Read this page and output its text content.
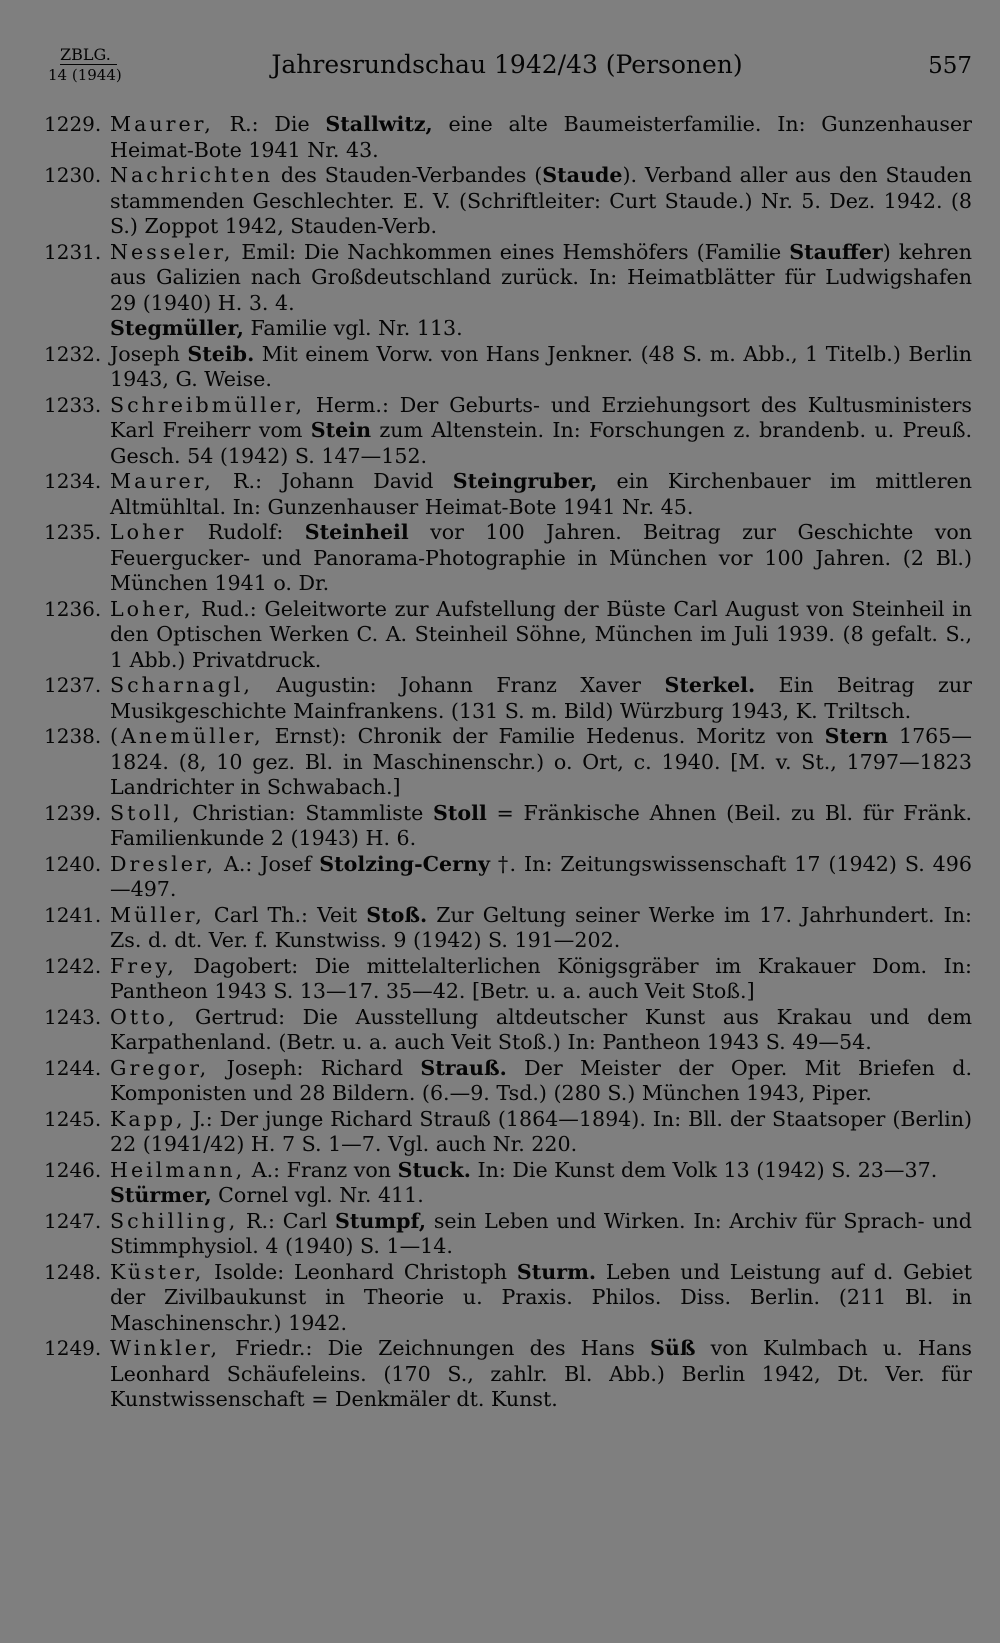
ZBLG.
14 (1944)	Jahresrundschau 1942/43 (Personen)	557
1229. Maurer, R.: Die Stallwitz, eine alte Baumeisterfamilie. In: Gunzenhauser Heimat-Bote 1941 Nr. 43.
1230. Nachrichten des Stauden-Verbandes (Staude). Verband aller aus den Stauden stammenden Geschlechter. E. V. (Schriftleiter: Curt Staude.) Nr. 5. Dez. 1942. (8 S.) Zoppot 1942, Stauden-Verb.
1231. Nesseler, Emil: Die Nachkommen eines Hemshöfers (Familie Stauffer) kehren aus Galizien nach Großdeutschland zurück. In: Heimatblätter für Ludwigshafen 29 (1940) H. 3. 4.
Stegmüller, Familie vgl. Nr. 113.
1232. Joseph Steib. Mit einem Vorw. von Hans Jenkner. (48 S. m. Abb., 1 Titelb.) Berlin 1943, G. Weise.
1233. Schreibmüller, Herm.: Der Geburts- und Erziehungsort des Kultusministers Karl Freiherr vom Stein zum Altenstein. In: Forschungen z. brandenb. u. Preuß. Gesch. 54 (1942) S. 147—152.
1234. Maurer, R.: Johann David Steingruber, ein Kirchenbauer im mittleren Altmühltal. In: Gunzenhauser Heimat-Bote 1941 Nr. 45.
1235. Loher Rudolf: Steinheil vor 100 Jahren. Beitrag zur Geschichte von Feuergucker- und Panorama-Photographie in München vor 100 Jahren. (2 Bl.) München 1941 o. Dr.
1236. Loher, Rud.: Geleitworte zur Aufstellung der Büste Carl August von Steinheil in den Optischen Werken C. A. Steinheil Söhne, München im Juli 1939. (8 gefalt. S., 1 Abb.) Privatdruck.
1237. Scharnagl, Augustin: Johann Franz Xaver Sterkel. Ein Beitrag zur Musikgeschichte Mainfrankens. (131 S. m. Bild) Würzburg 1943, K. Triltsch.
1238. (Anemüller, Ernst): Chronik der Familie Hedenus. Moritz von Stern 1765—1824. (8, 10 gez. Bl. in Maschinenschr.) o. Ort, c. 1940. [M. v. St., 1797—1823 Landrichter in Schwabach.]
1239. Stoll, Christian: Stammliste Stoll = Fränkische Ahnen (Beil. zu Bl. für Fränk. Familienkunde 2 (1943) H. 6.
1240. Dresler, A.: Josef Stolzing-Cerny †. In: Zeitungswissenschaft 17 (1942) S. 496—497.
1241. Müller, Carl Th.: Veit Stoß. Zur Geltung seiner Werke im 17. Jahrhundert. In: Zs. d. dt. Ver. f. Kunstwiss. 9 (1942) S. 191—202.
1242. Frey, Dagobert: Die mittelalterlichen Königsgräber im Krakauer Dom. In: Pantheon 1943 S. 13—17. 35—42. [Betr. u. a. auch Veit Stoß.]
1243. Otto, Gertrud: Die Ausstellung altdeutscher Kunst aus Krakau und dem Karpathenland. (Betr. u. a. auch Veit Stoß.) In: Pantheon 1943 S. 49—54.
1244. Gregor, Joseph: Richard Strauß. Der Meister der Oper. Mit Briefen d. Komponisten und 28 Bildern. (6.—9. Tsd.) (280 S.) München 1943, Piper.
1245. Kapp, J.: Der junge Richard Strauß (1864—1894). In: Bll. der Staatsoper (Berlin) 22 (1941/42) H. 7 S. 1—7. Vgl. auch Nr. 220.
1246. Heilmann, A.: Franz von Stuck. In: Die Kunst dem Volk 13 (1942) S. 23—37.
Stürmer, Cornel vgl. Nr. 411.
1247. Schilling, R.: Carl Stumpf, sein Leben und Wirken. In: Archiv für Sprach- und Stimmphysiol. 4 (1940) S. 1—14.
1248. Küster, Isolde: Leonhard Christoph Sturm. Leben und Leistung auf d. Gebiet der Zivilbaukunst in Theorie u. Praxis. Philos. Diss. Berlin. (211 Bl. in Maschinenschr.) 1942.
1249. Winkler, Friedr.: Die Zeichnungen des Hans Süß von Kulmbach u. Hans Leonhard Schäufeleins. (170 S., zahlr. Bl. Abb.) Berlin 1942, Dt. Ver. für Kunstwissenschaft = Denkmäler dt. Kunst.
